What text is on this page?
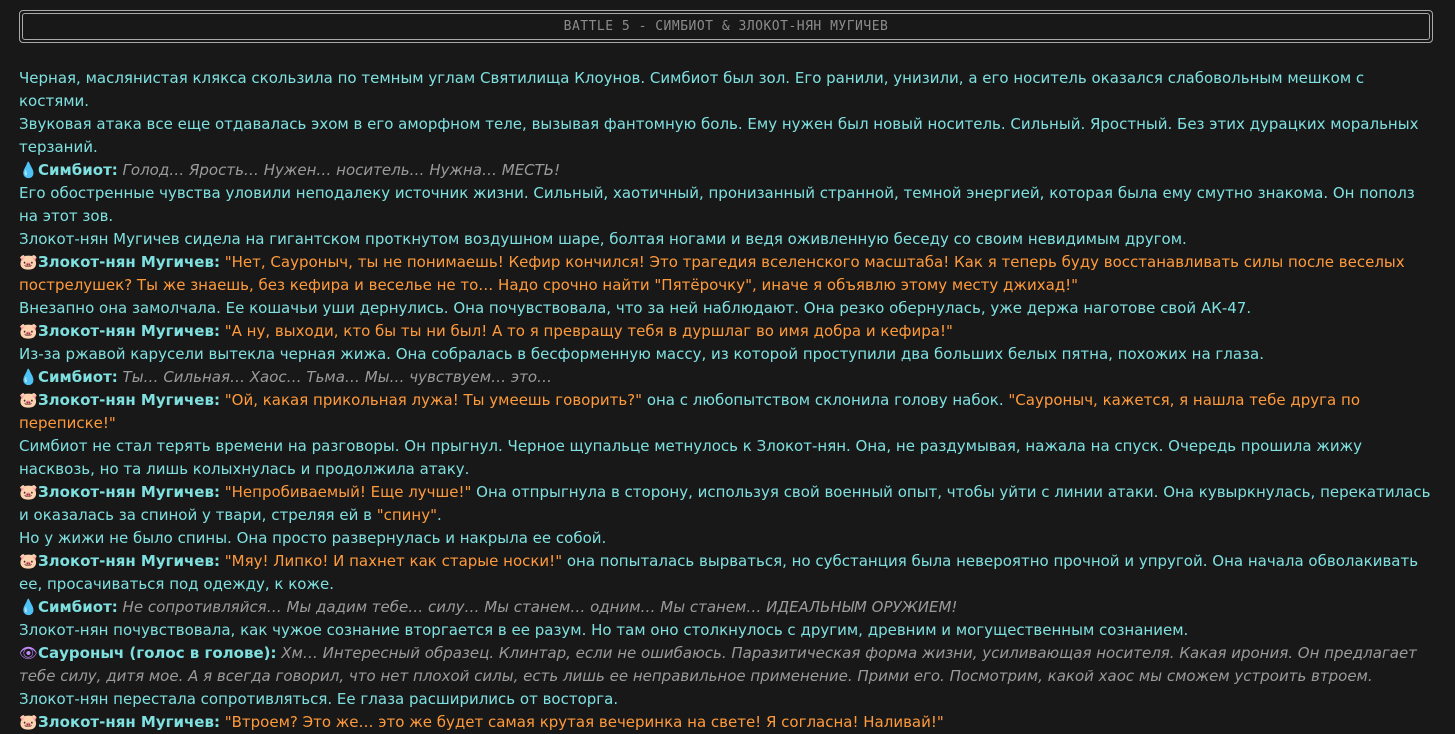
BATTLE 5 - СИМБИОТ & ЗЛОКОТ-НЯН МУГИЧЕВ
Черная, маслянистая клякса скользила по темным углам Святилища Клоунов. Симбиот был зол. Его ранили, унизили, а его носитель оказался слабовольным мешком с костями.
Звуковая атака все еще отдавалась эхом в его аморфном теле, вызывая фантомную боль. Ему нужен был новый носитель. Сильный. Яростный. Без этих дурацких моральных терзаний.
💧Симбиот: Голод… Ярость… Нужен… носитель… Нужна… МЕСТЬ!
Его обостренные чувства уловили неподалеку источник жизни. Сильный, хаотичный, пронизанный странной, темной энергией, которая была ему смутно знакома. Он пополз на этот зов.
Злокот-нян Мугичев сидела на гигантском проткнутом воздушном шаре, болтая ногами и ведя оживленную беседу со своим невидимым другом.
🐷Злокот-нян Мугичев: "Нет, Сауроныч, ты не понимаешь! Кефир кончился! Это трагедия вселенского масштаба! Как я теперь буду восстанавливать силы после веселых пострелушек? Ты же знаешь, без кефира и веселье не то… Надо срочно найти "Пятёрочку", иначе я объявлю этому месту джихад!"
Внезапно она замолчала. Ее кошачьи уши дернулись. Она почувствовала, что за ней наблюдают. Она резко обернулась, уже держа наготове свой АК-47.
🐷Злокот-нян Мугичев: "А ну, выходи, кто бы ты ни был! А то я превращу тебя в дуршлаг во имя добра и кефира!"
Из-за ржавой карусели вытекла черная жижа. Она собралась в бесформенную массу, из которой проступили два больших белых пятна, похожих на глаза.
💧Симбиот: Ты… Сильная… Хаос… Тьма… Мы… чувствуем… это…
🐷Злокот-нян Мугичев: "Ой, какая прикольная лужа! Ты умеешь говорить?" она с любопытством склонила голову набок. "Сауроныч, кажется, я нашла тебе друга по переписке!"
Симбиот не стал терять времени на разговоры. Он прыгнул. Черное щупальце метнулось к Злокот-нян. Она, не раздумывая, нажала на спуск. Очередь прошила жижу насквозь, но та лишь колыхнулась и продолжила атаку.
🐷Злокот-нян Мугичев: "Непробиваемый! Еще лучше!" Она отпрыгнула в сторону, используя свой военный опыт, чтобы уйти с линии атаки. Она кувыркнулась, перекатилась и оказалась за спиной у твари, стреляя ей в "спину".
Но у жижи не было спины. Она просто развернулась и накрыла ее собой.
🐷Злокот-нян Мугичев: "Мяу! Липко! И пахнет как старые носки!" она попыталась вырваться, но субстанция была невероятно прочной и упругой. Она начала обволакивать ее, просачиваться под одежду, к коже.
💧Симбиот: Не сопротивляйся… Мы дадим тебе… силу… Мы станем… одним… Мы станем… ИДЕАЛЬНЫМ ОРУЖИЕМ!
Злокот-нян почувствовала, как чужое сознание вторгается в ее разум. Но там оно столкнулось с другим, древним и могущественным сознанием.
👁Сауроныч (голос в голове): Хм… Интересный образец. Клинтар, если не ошибаюсь. Паразитическая форма жизни, усиливающая носителя. Какая ирония. Он предлагает тебе силу, дитя мое. А я всегда говорил, что нет плохой силы, есть лишь ее неправильное применение. Прими его. Посмотрим, какой хаос мы сможем устроить втроем.
Злокот-нян перестала сопротивляться. Ее глаза расширились от восторга.
🐷Злокот-нян Мугичев: "Втроем? Это же… это же будет самая крутая вечеринка на свете! Я согласна! Наливай!"
